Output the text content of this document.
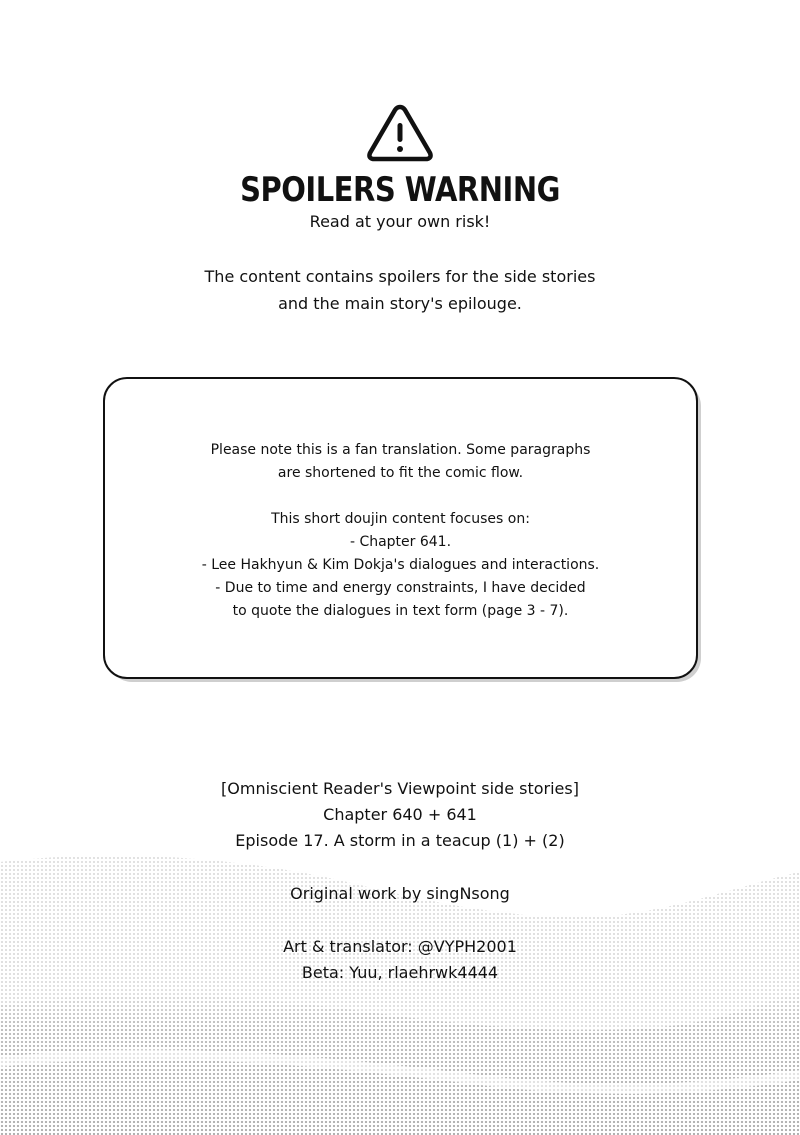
SPOILERS WARNING
Read at your own risk!
The content contains spoilers for the side stories
and the main story's epilouge.
Please note this is a fan translation. Some paragraphs
are shortened to fit the comic flow.
This short doujin content focuses on:
- Chapter 641.
- Lee Hakhyun & Kim Dokja's dialogues and interactions.
- Due to time and energy constraints, I have decided
to quote the dialogues in text form (page 3 - 7).
[Omniscient Reader's Viewpoint side stories]
Chapter 640 + 641
Episode 17. A storm in a teacup (1) + (2)
Original work by singNsong
Art & translator: @VYPH2001
Beta: Yuu, rlaehrwk4444
